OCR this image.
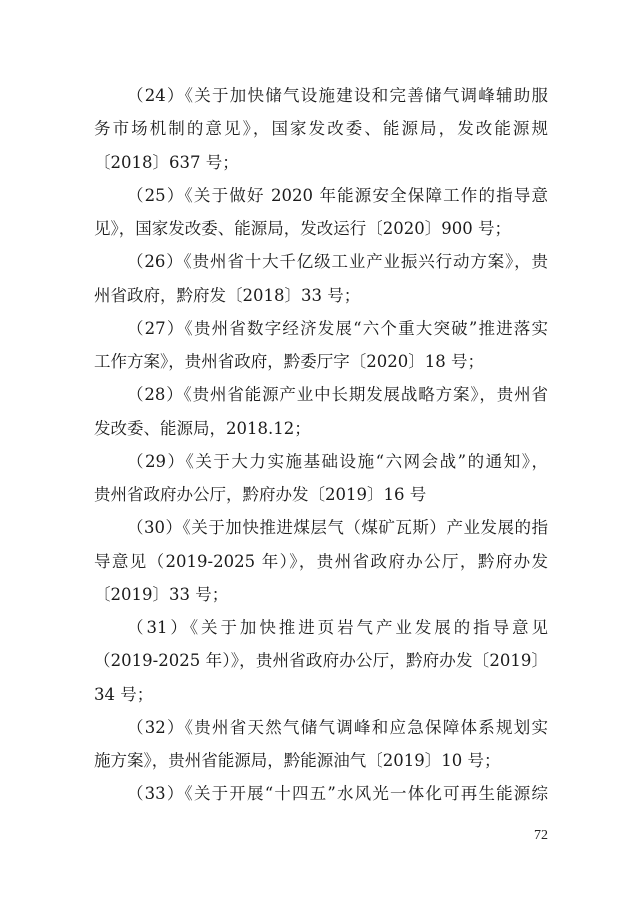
（24）《关于加快储气设施建设和完善储气调峰辅助服
务市场机制的意见》，国家发改委、能源局，发改能源规
〔2018〕637 号；
（25）《关于做好 2020 年能源安全保障工作的指导意
见》，国家发改委、能源局，发改运行〔2020〕900 号；
（26）《贵州省十大千亿级工业产业振兴行动方案》，贵
州省政府，黔府发〔2018〕33 号；
（27）《贵州省数字经济发展“六个重大突破”推进落实
工作方案》，贵州省政府，黔委厅字〔2020〕18 号；
（28）《贵州省能源产业中长期发展战略方案》，贵州省
发改委、能源局，2018.12；
（29）《关于大力实施基础设施“六网会战”的通知》，
贵州省政府办公厅，黔府办发〔2019〕16 号
（30）《关于加快推进煤层气（煤矿瓦斯）产业发展的指
导意见（2019-2025 年）》，贵州省政府办公厅，黔府办发
〔2019〕33 号；
（31）《关于加快推进页岩气产业发展的指导意见
（2019-2025 年）》，贵州省政府办公厅，黔府办发〔2019〕
34 号；
（32）《贵州省天然气储气调峰和应急保障体系规划实
施方案》，贵州省能源局，黔能源油气〔2019〕10 号；
（33）《关于开展“十四五”水风光一体化可再生能源综
72
